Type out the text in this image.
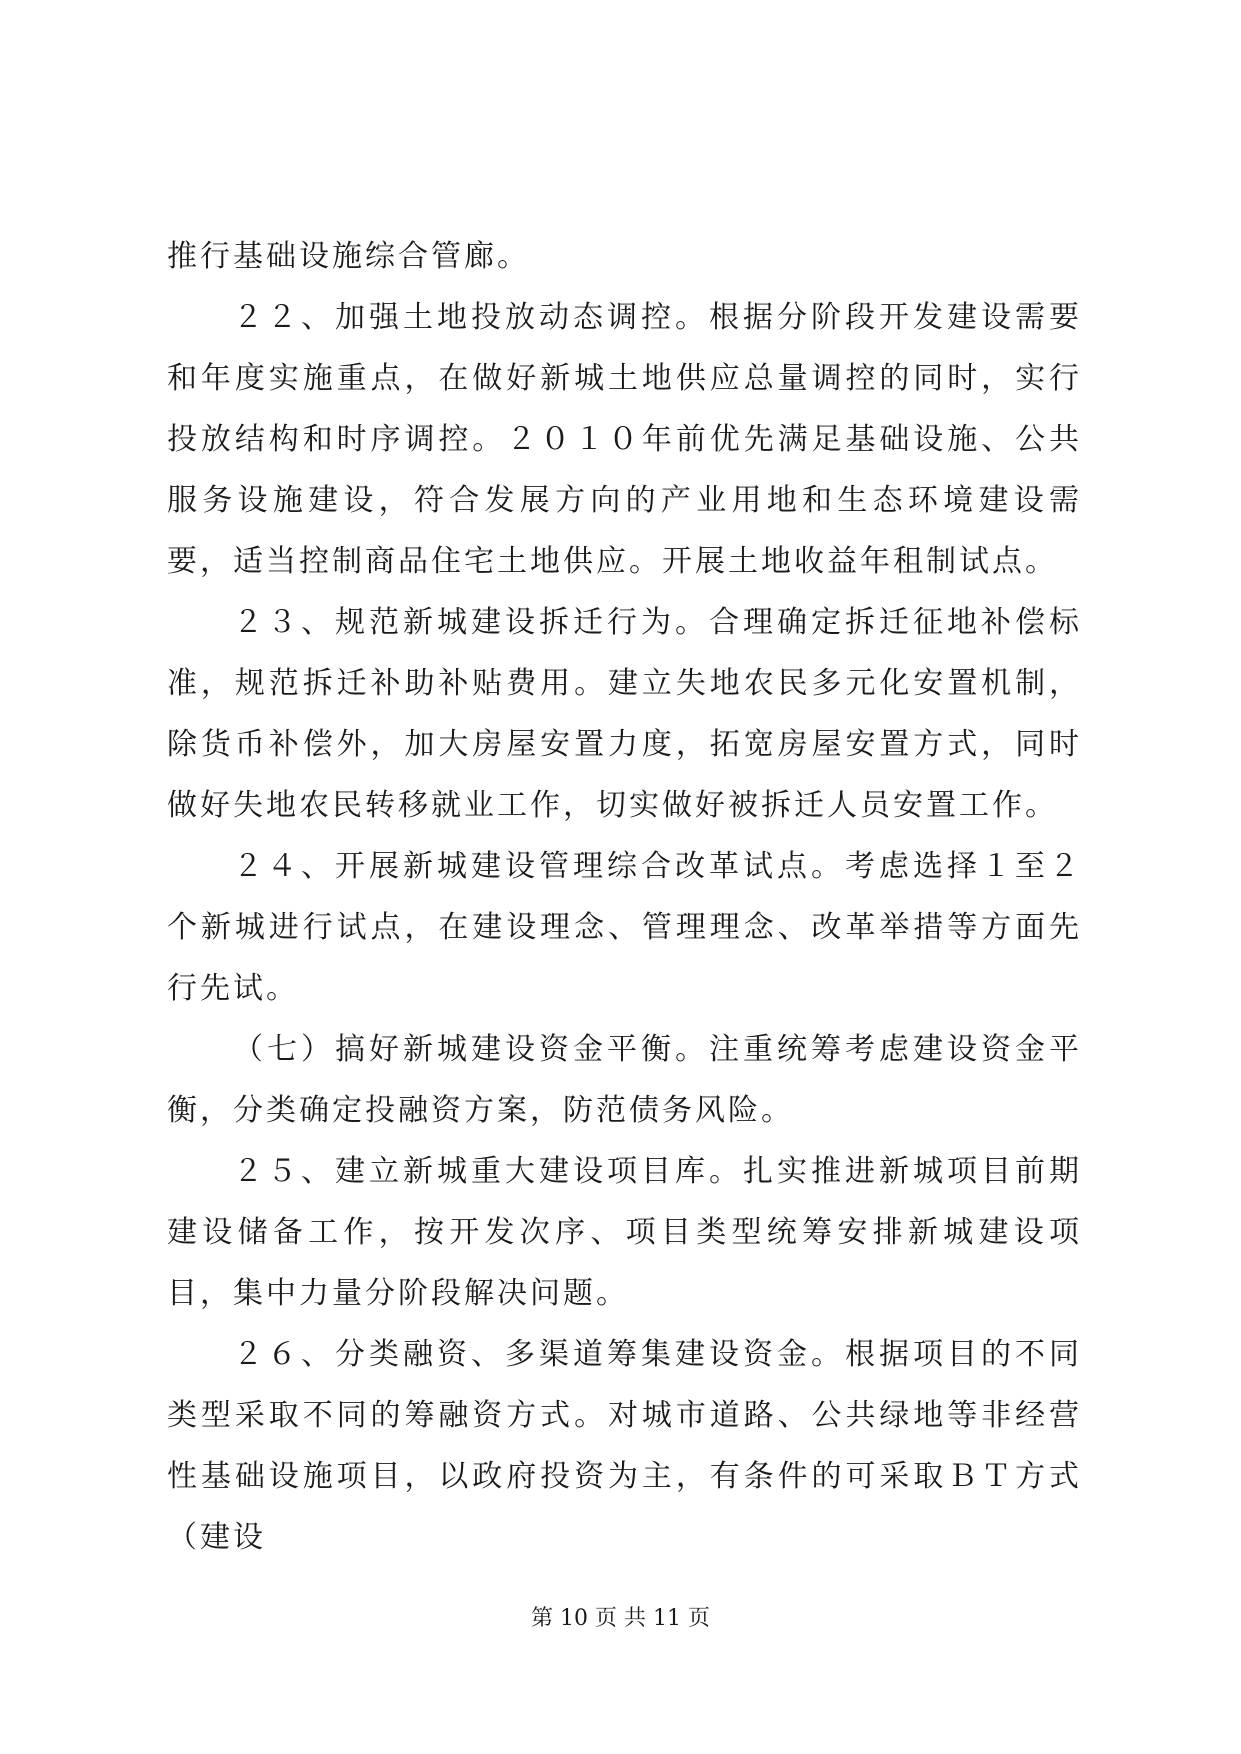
推行基础设施综合管廊。

２２、加强土地投放动态调控。根据分阶段开发建设需要和年度实施重点，在做好新城土地供应总量调控的同时，实行投放结构和时序调控。２０１０年前优先满足基础设施、公共服务设施建设，符合发展方向的产业用地和生态环境建设需要，适当控制商品住宅土地供应。开展土地收益年租制试点。

２３、规范新城建设拆迁行为。合理确定拆迁征地补偿标准，规范拆迁补助补贴费用。建立失地农民多元化安置机制，除货币补偿外，加大房屋安置力度，拓宽房屋安置方式，同时做好失地农民转移就业工作，切实做好被拆迁人员安置工作。

２４、开展新城建设管理综合改革试点。考虑选择１至２个新城进行试点，在建设理念、管理理念、改革举措等方面先行先试。

（七）搞好新城建设资金平衡。注重统筹考虑建设资金平衡，分类确定投融资方案，防范债务风险。

２５、建立新城重大建设项目库。扎实推进新城项目前期建设储备工作，按开发次序、项目类型统筹安排新城建设项目，集中力量分阶段解决问题。

２６、分类融资、多渠道筹集建设资金。根据项目的不同类型采取不同的筹融资方式。对城市道路、公共绿地等非经营性基础设施项目，以政府投资为主，有条件的可采取ＢＴ方式（建设

第 10 页 共 11 页
